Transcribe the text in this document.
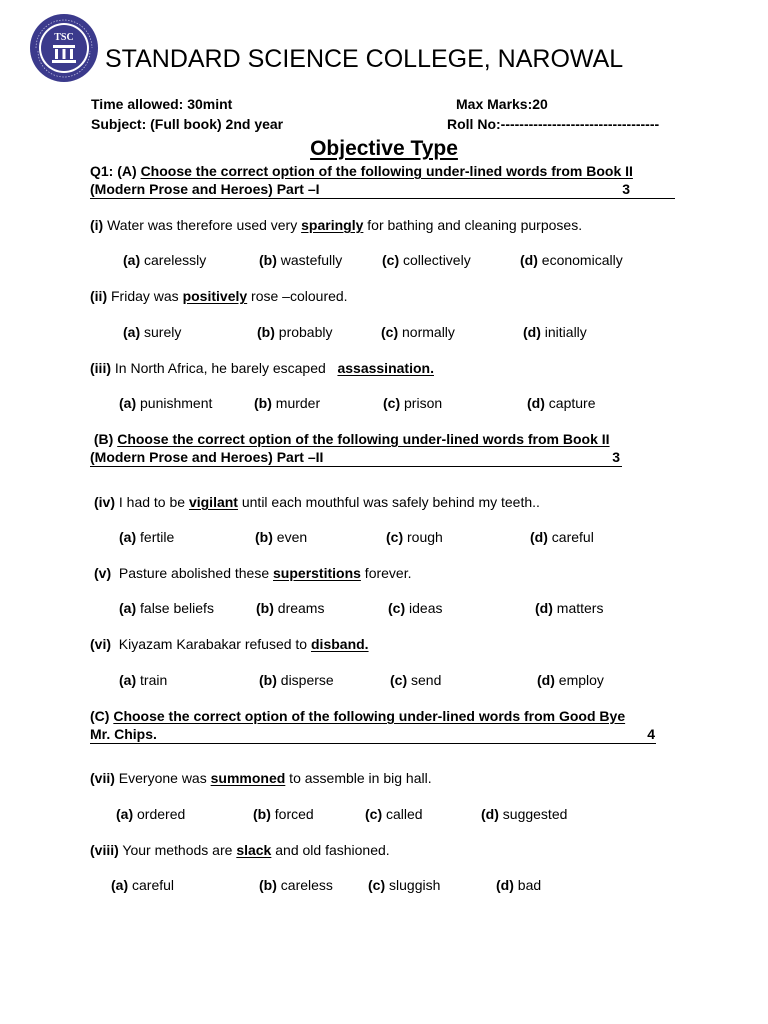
TSC
STANDARD SCIENCE COLLEGE, NAROWAL
Time allowed: 30mint	Max Marks:20
Subject: (Full book) 2nd year	Roll No:----------------------------------
Objective Type
Q1: (A) Choose the correct option of the following under-lined words from Book II
(Modern Prose and Heroes) Part –I	3
(i) Water was therefore used very sparingly for bathing and cleaning purposes.
(a) carelessly	(b) wastefully	(c) collectively	(d) economically
(ii) Friday was positively rose –coloured.
(a) surely	(b) probably	(c) normally	(d) initially
(iii) In North Africa, he barely escaped   assassination.
(a) punishment	(b) murder	(c) prison	(d) capture
(B) Choose the correct option of the following under-lined words from Book II
(Modern Prose and Heroes) Part –II	3
(iv) I had to be vigilant until each mouthful was safely behind my teeth..
(a) fertile	(b) even	(c) rough	(d) careful
(v)  Pasture abolished these superstitions forever.
(a) false beliefs	(b) dreams	(c) ideas	(d) matters
(vi)  Kiyazam Karabakar refused to disband.
(a) train	(b) disperse	(c) send	(d) employ
(C) Choose the correct option of the following under-lined words from Good Bye
Mr. Chips.	4
(vii) Everyone was summoned to assemble in big hall.
(a) ordered	(b) forced	(c) called	(d) suggested
(viii) Your methods are slack and old fashioned.
(a) careful	(b) careless	(c) sluggish	(d) bad
